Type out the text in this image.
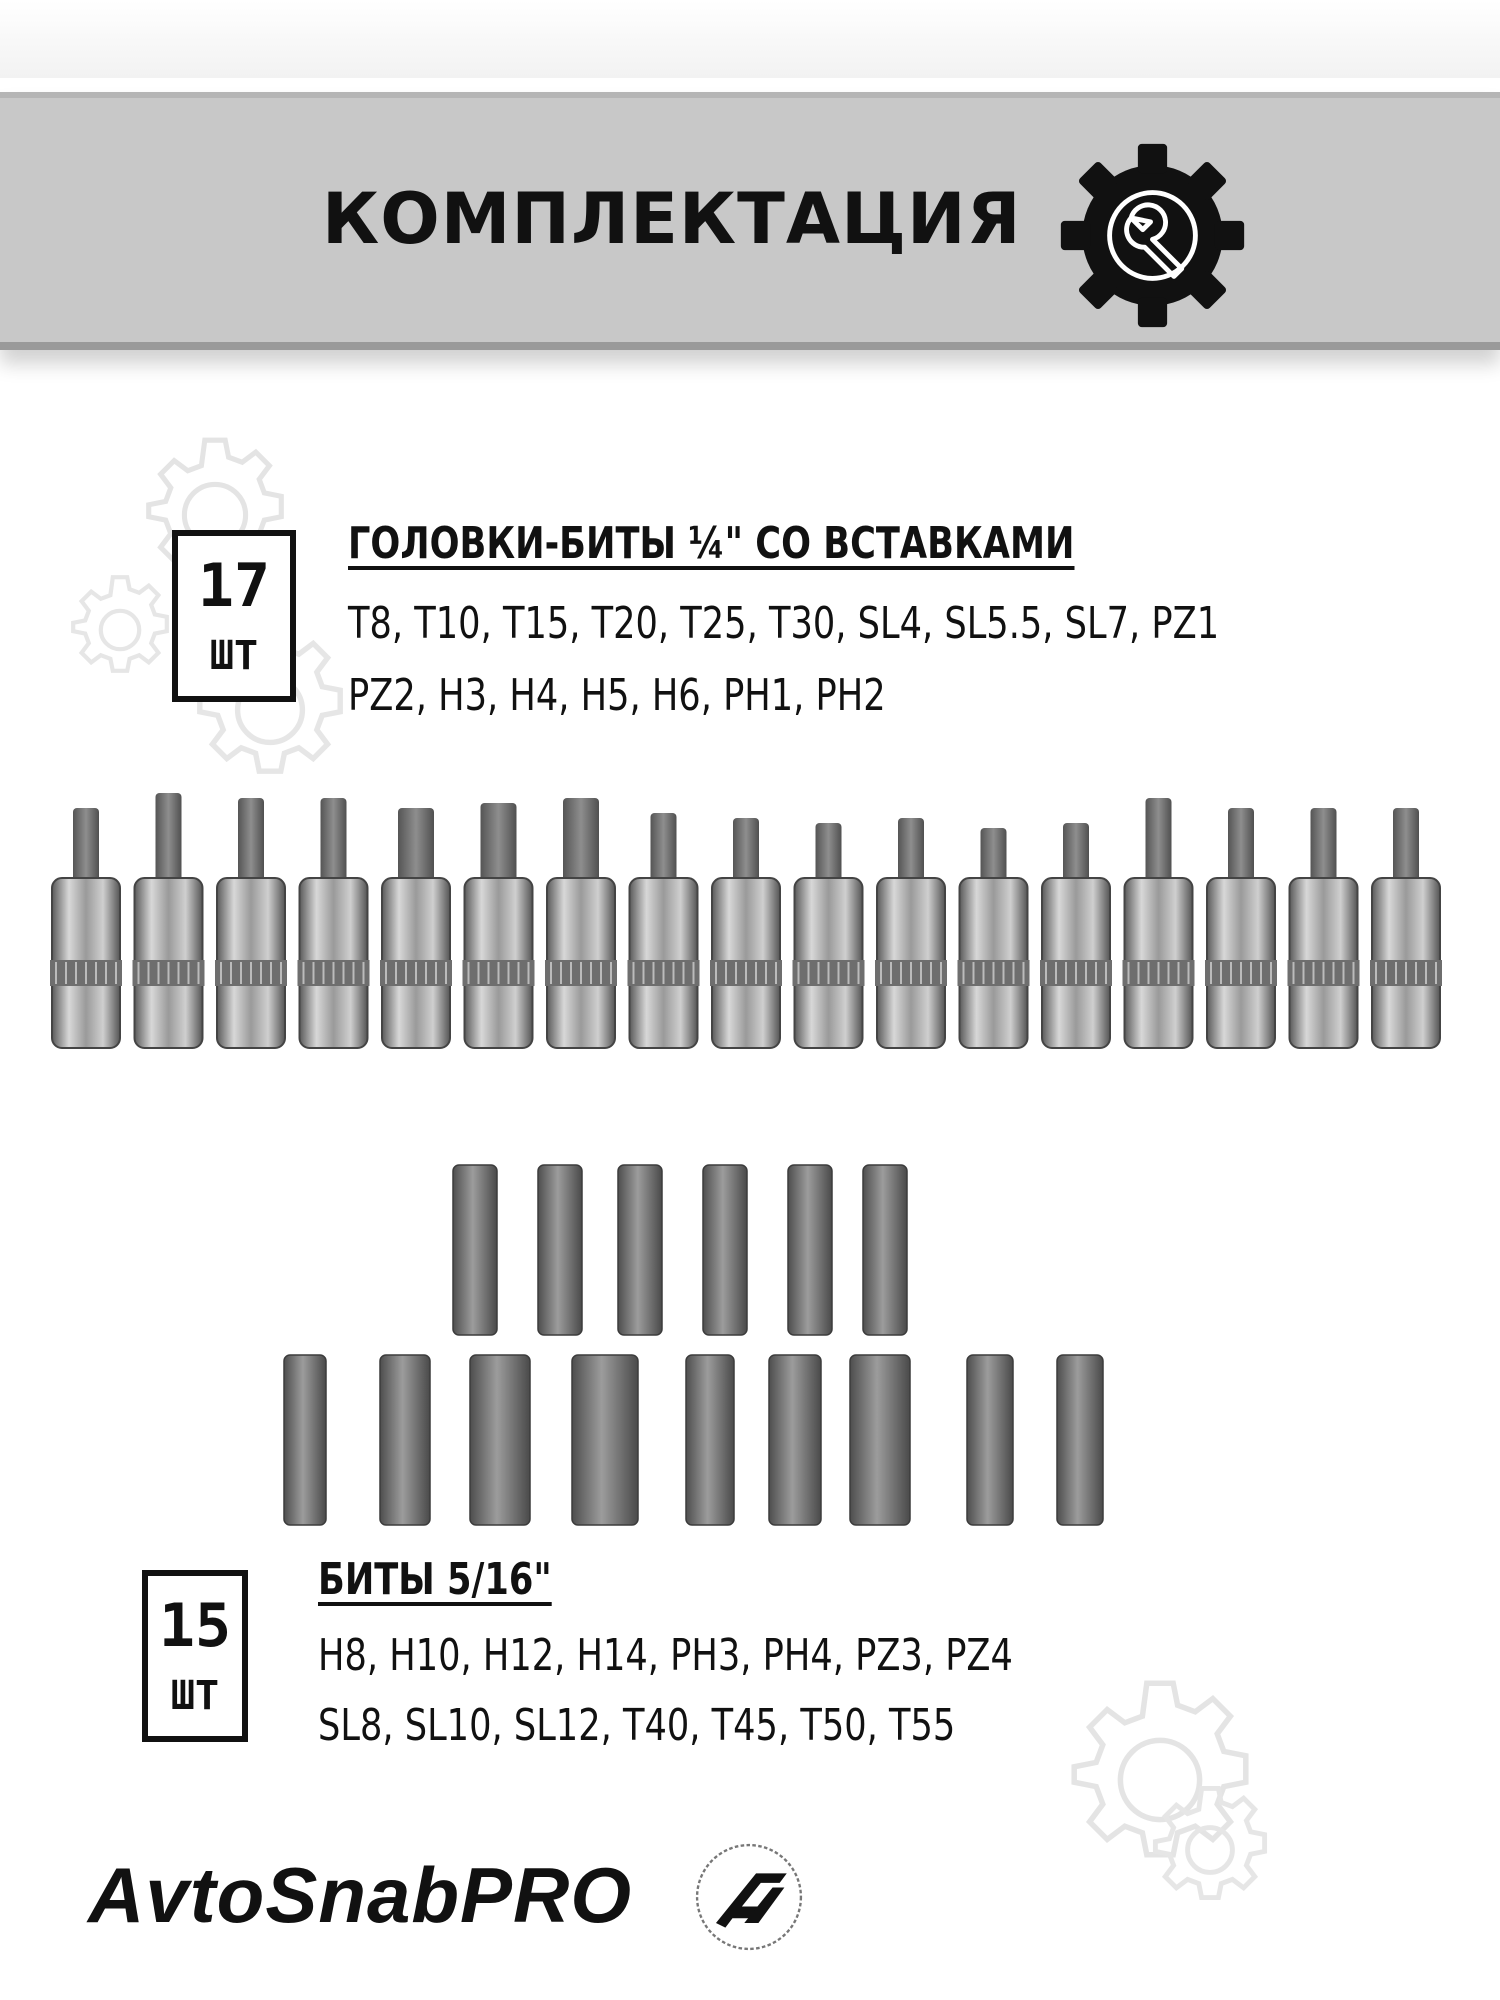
КОМПЛЕКТАЦИЯ
17
ШТ
ГОЛОВКИ-БИТЫ ¼" СО ВСТАВКАМИ
T8, T10, T15, T20, T25, T30, SL4, SL5.5, SL7, PZ1
PZ2, H3, H4, H5, H6, PH1, PH2
15
ШТ
БИТЫ 5/16"
H8, H10, H12, H14, PH3, PH4, PZ3, PZ4
SL8, SL10, SL12, T40, T45, T50, T55
AvtoSnabPRO
